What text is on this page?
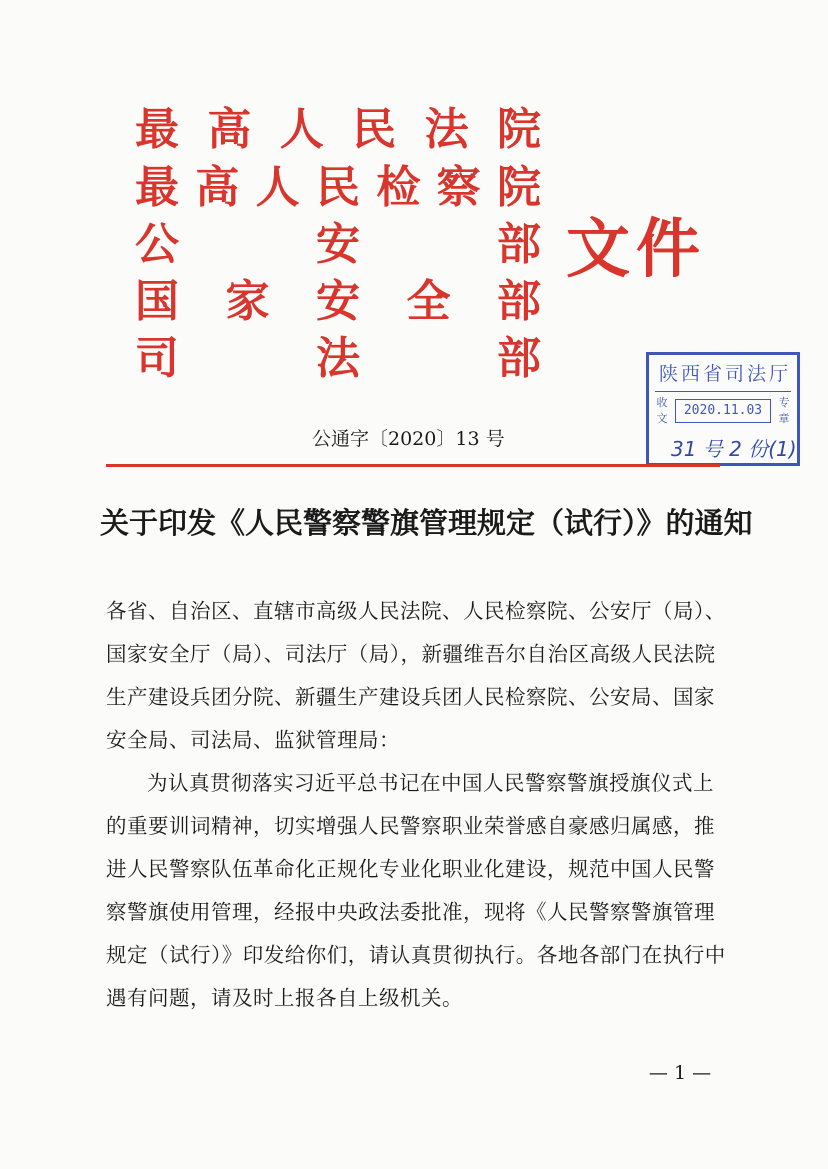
最 高 人 民 法 院
最 高 人 民 检 察 院
公	安	部
国 家 安 全 部
司	法	部
文件
陕西省司法厅
收文
2020.11.03
专章
31 号 2 份(1)
公通字〔2020〕13 号
关于印发《人民警察警旗管理规定（试行）》的通知

各省、自治区、直辖市高级人民法院、人民检察院、公安厅（局）、国家安全厅（局）、司法厅（局），新疆维吾尔自治区高级人民法院生产建设兵团分院、新疆生产建设兵团人民检察院、公安局、国家安全局、司法局、监狱管理局：

为认真贯彻落实习近平总书记在中国人民警察警旗授旗仪式上的重要训词精神，切实增强人民警察职业荣誉感自豪感归属感，推进人民警察队伍革命化正规化专业化职业化建设，规范中国人民警察警旗使用管理，经报中央政法委批准，现将《人民警察警旗管理规定（试行）》印发给你们，请认真贯彻执行。各地各部门在执行中遇有问题，请及时上报各自上级机关。

— 1 —
